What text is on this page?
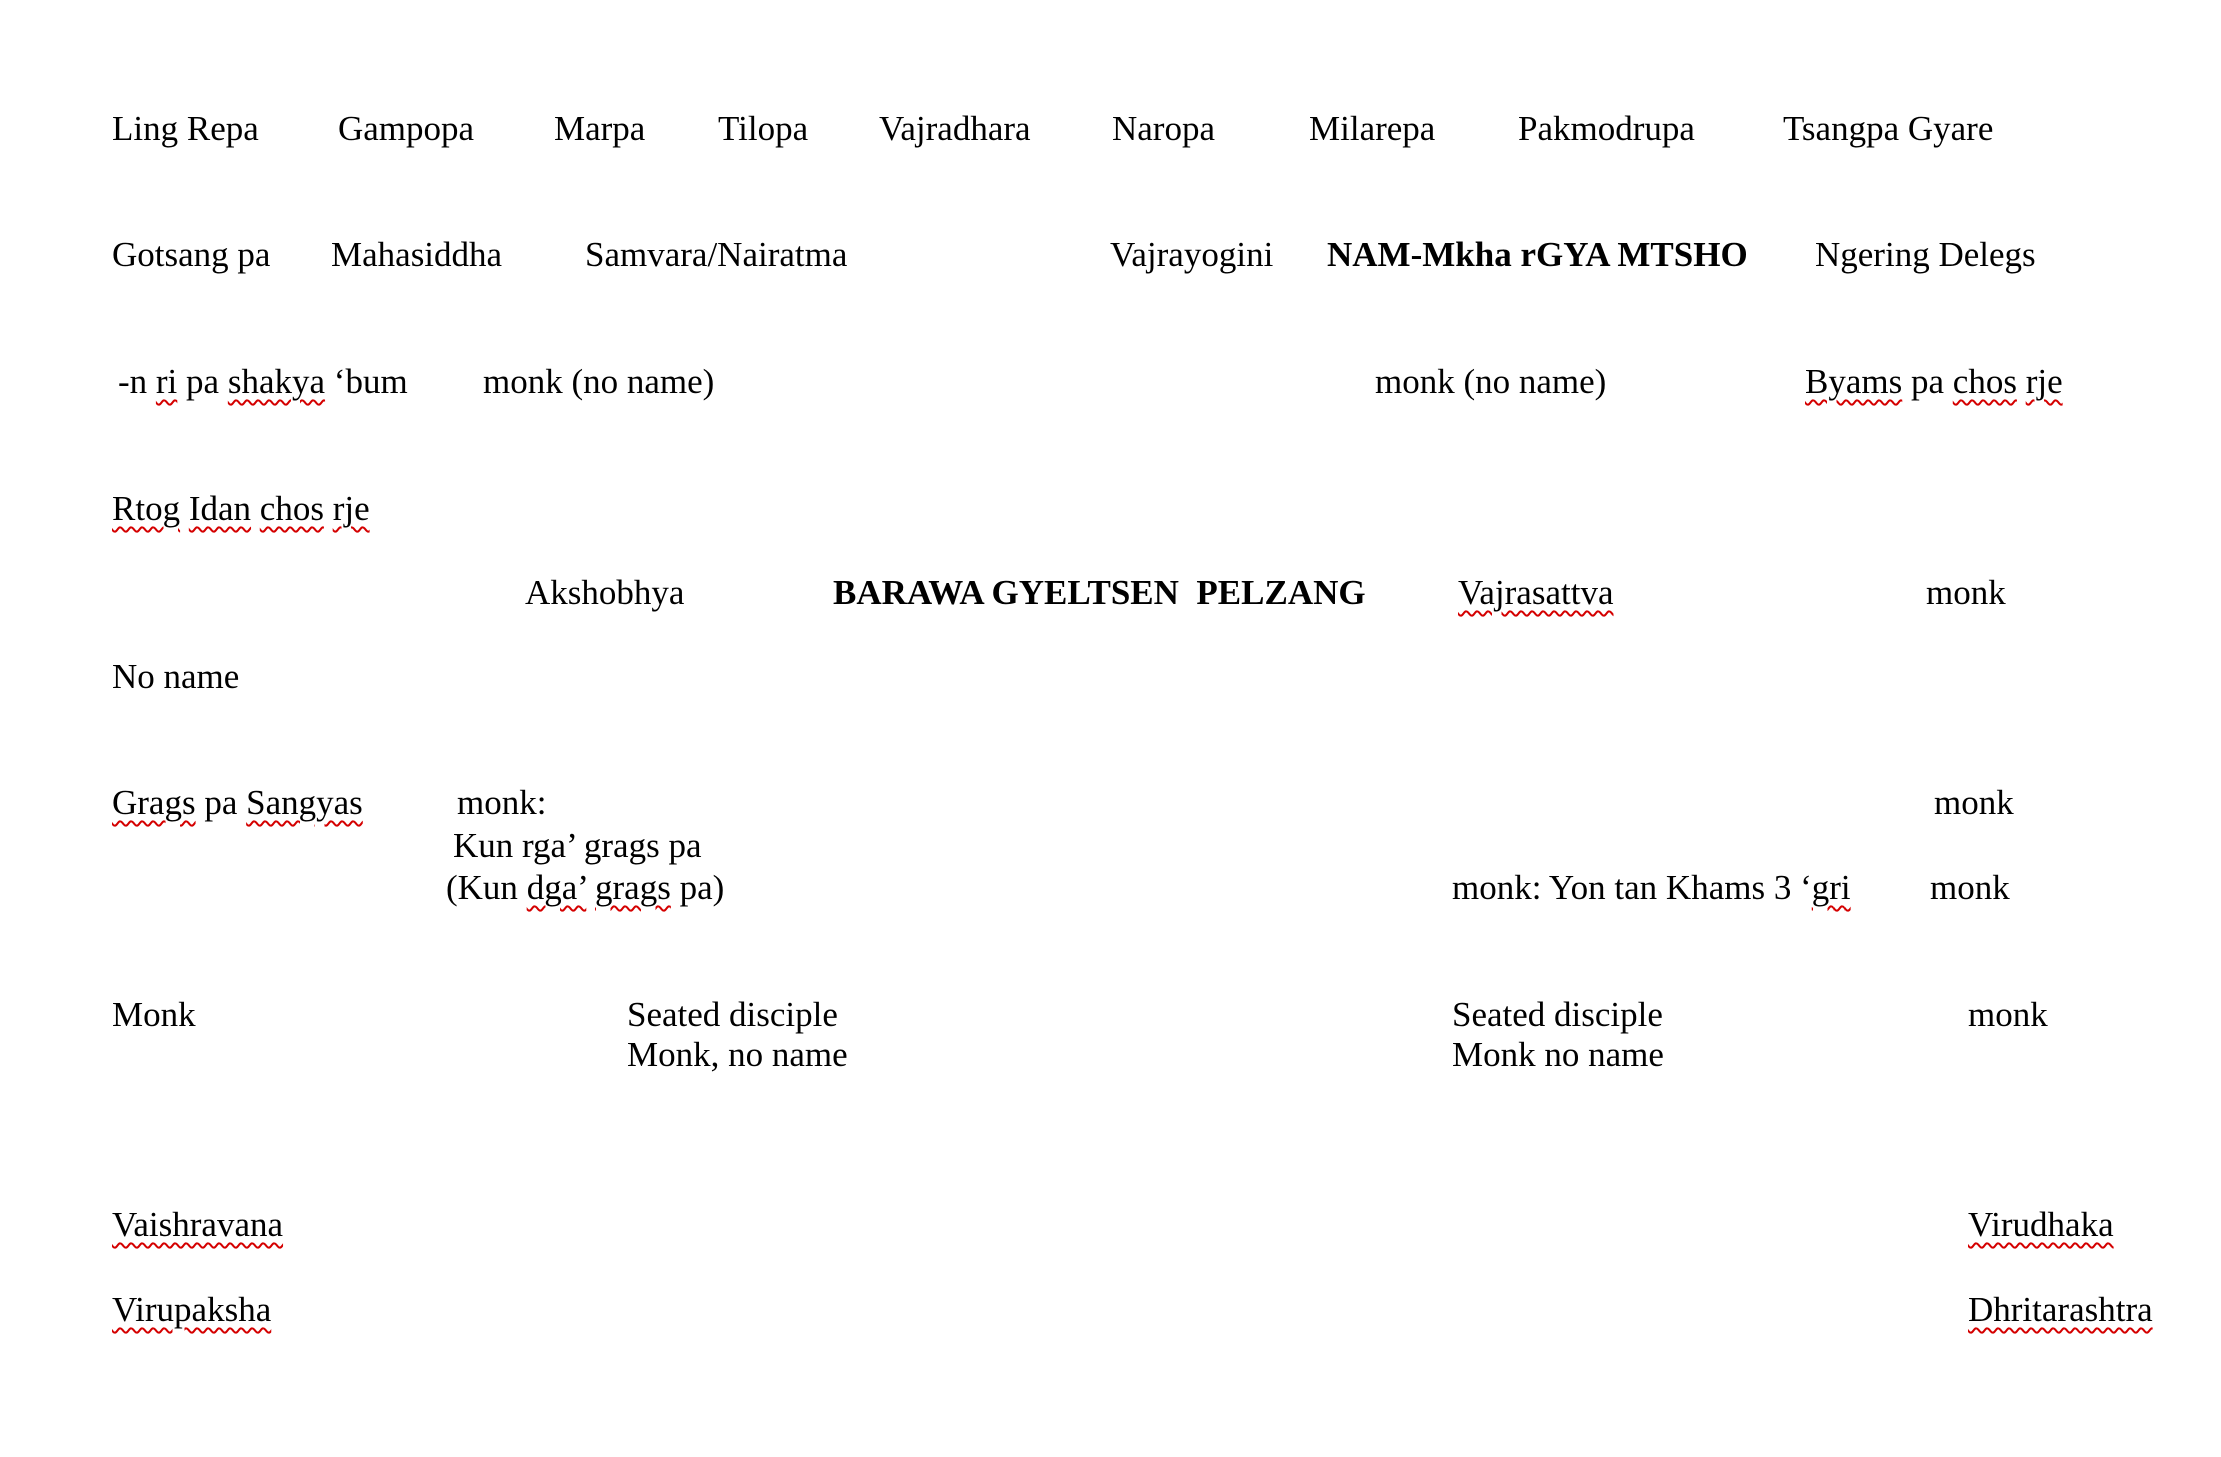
Ling Repa Gampopa Marpa Tilopa Vajradhara Naropa	Milarepa Pakmodrupa	Tsangpa Gyare
Gotsang pa Mahasiddha Samvara/Nairatma	Vajrayogini NAM-Mkha rGYA MTSHO Ngering Delegs
-n ri pa shakya ‘bum monk (no name)	monk (no name)	Byams pa chos rje
Rtog Idan chos rje
Akshobhya	BARAWA GYELTSEN  PELZANG	Vajrasattva	monk
No name
Grags pa Sangyas	monk:	monk
Kun rga’ grags pa
(Kun dga’ grags pa)	monk: Yon tan Khams 3 ‘gri monk
Monk	Seated disciple
Monk, no name
Seated disciple
Monk no name
monk
Vaishravana	Virudhaka
Virupaksha	Dhritarashtra
